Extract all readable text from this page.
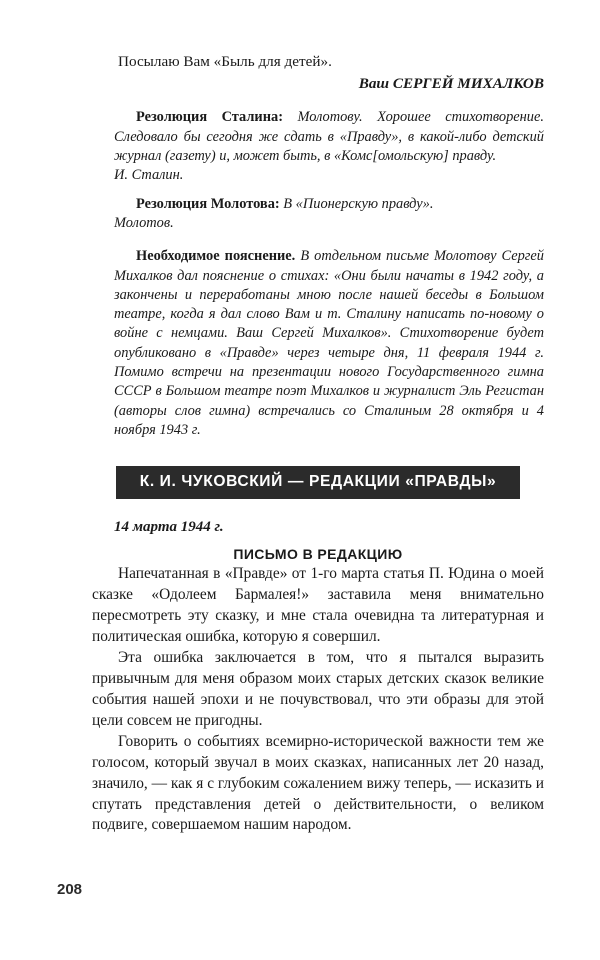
Посылаю Вам «Быль для детей».

Ваш СЕРГЕЙ МИХАЛКОВ

Резолюция Сталина: Молотову. Хорошее стихотворение. Следовало бы сегодня же сдать в «Правду», в какой-либо детский журнал (газету) и, может быть, в «Комс[омольскую] правду.

И. Сталин.

Резолюция Молотова: В «Пионерскую правду».

Молотов.

Необходимое пояснение. В отдельном письме Молотову Сергей Михалков дал пояснение о стихах: «Они были начаты в 1942 году, а закончены и переработаны мною после нашей беседы в Большом театре, когда я дал слово Вам и т. Сталину написать по-новому о войне с немцами. Ваш Сергей Михалков». Стихотворение будет опубликовано в «Правде» через четыре дня, 11 февраля 1944 г. Помимо встречи на презентации нового Государственного гимна СССР в Большом театре поэт Михалков и журналист Эль Регистан (авторы слов гимна) встречались со Сталиным 28 октября и 4 ноября 1943 г.

К. И. ЧУКОВСКИЙ — РЕДАКЦИИ «ПРАВДЫ»
14 марта 1944 г.
ПИСЬМО В РЕДАКЦИЮ

Напечатанная в «Правде» от 1-го марта статья П. Юдина о моей сказке «Одолеем Бармалея!» заставила меня внимательно пересмотреть эту сказку, и мне стала очевидна та литературная и политическая ошибка, которую я совершил.

Эта ошибка заключается в том, что я пытался выразить привычным для меня образом моих старых детских сказок великие события нашей эпохи и не почувствовал, что эти образы для этой цели совсем не пригодны.

Говорить о событиях всемирно-исторической важности тем же голосом, который звучал в моих сказках, написанных лет 20 назад, значило, — как я с глубоким сожалением вижу теперь, — исказить и спутать представления детей о действительности, о великом подвиге, совершаемом нашим народом.

208
